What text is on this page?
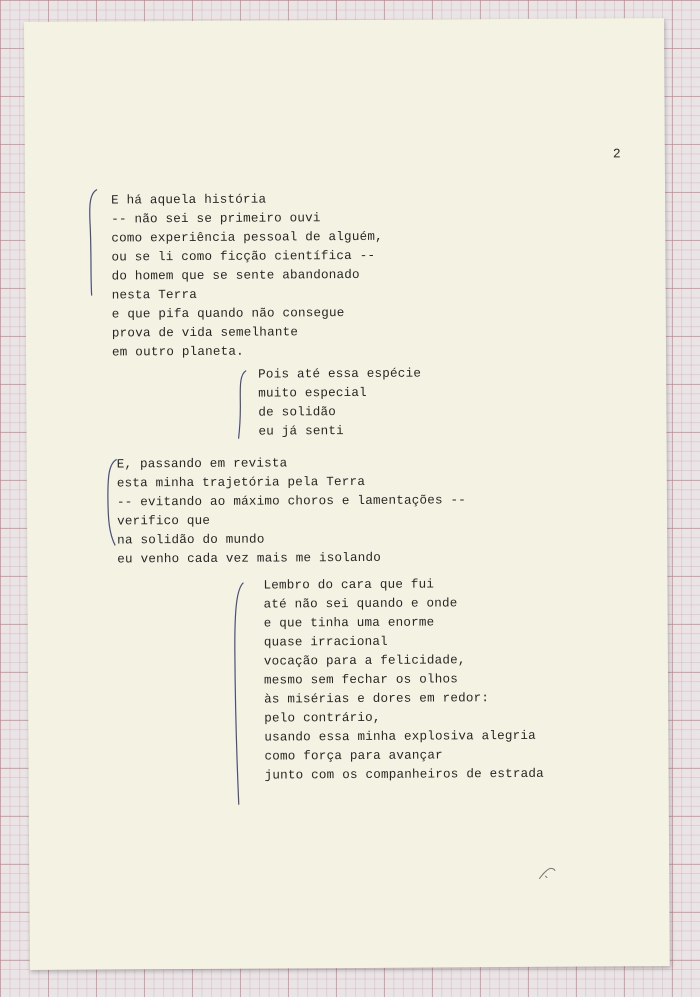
2
E há aquela história
-- não sei se primeiro ouvi
como experiência pessoal de alguém,
ou se li como ficção científica --
do homem que se sente abandonado
nesta Terra
e que pifa quando não consegue
prova de vida semelhante
em outro planeta.
Pois até essa espécie
muito especial
de solidão
eu já senti
E, passando em revista
esta minha trajetória pela Terra
-- evitando ao máximo choros e lamentações --
verifico que
na solidão do mundo
eu venho cada vez mais me isolando
Lembro do cara que fui
até não sei quando e onde
e que tinha uma enorme
quase irracional
vocação para a felicidade,
mesmo sem fechar os olhos
às misérias e dores em redor:
pelo contrário,
usando essa minha explosiva alegria
como força para avançar
junto com os companheiros de estrada
